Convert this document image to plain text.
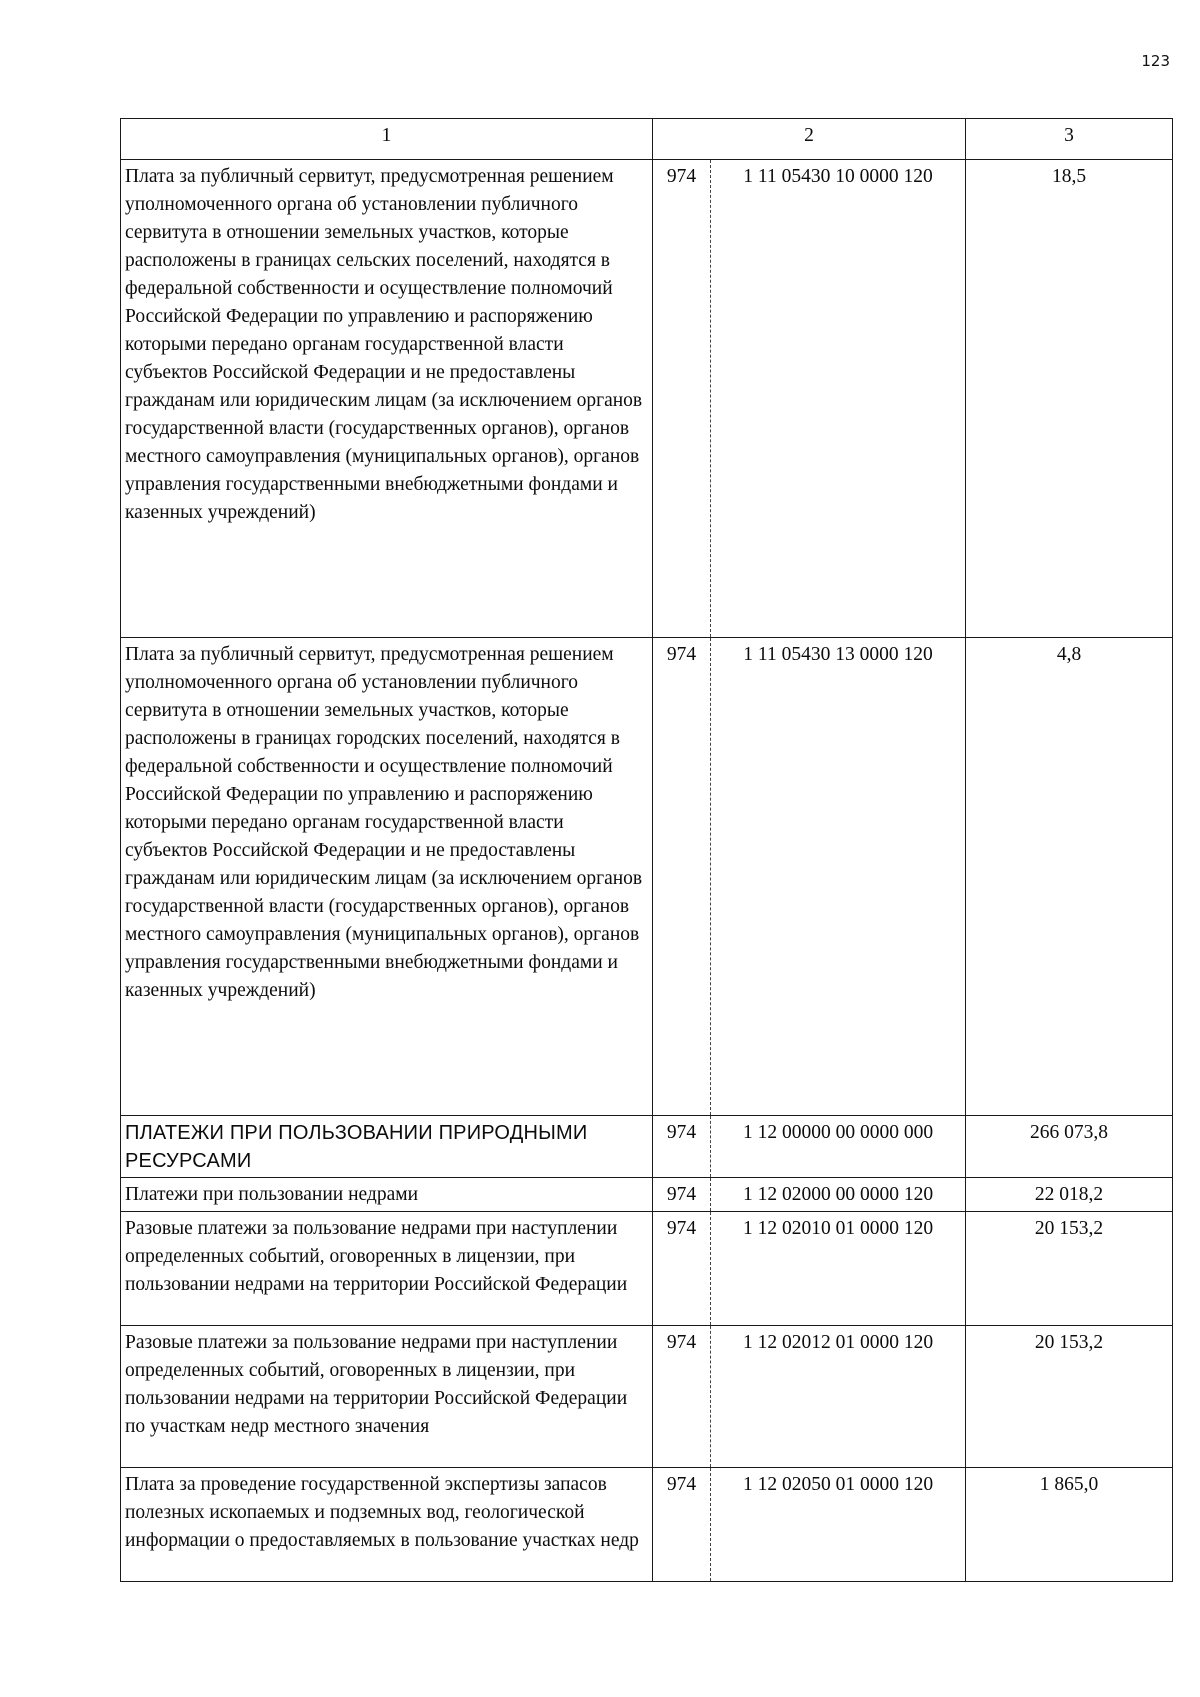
123
1	2		3
Плата за публичный сервитут, предусмотренная решением уполномоченного органа об установлении публичного сервитута в отношении земельных участков, которые расположены в границах сельских поселений, находятся в федеральной собственности и осуществление полномочий Российской Федерации по управлению и распоряжению которыми передано органам государственной власти субъектов Российской Федерации и не предоставлены гражданам или юридическим лицам (за исключением органов государственной власти (государственных органов), органов местного самоуправления (муниципальных органов), органов управления государственными внебюджетными фондами и казенных учреждений)	974	1 11 05430 10 0000 120	18,5
Плата за публичный сервитут, предусмотренная решением уполномоченного органа об установлении публичного сервитута в отношении земельных участков, которые расположены в границах городских поселений, находятся в федеральной собственности и осуществление полномочий Российской Федерации по управлению и распоряжению которыми передано органам государственной власти субъектов Российской Федерации и не предоставлены гражданам или юридическим лицам (за исключением органов государственной власти (государственных органов), органов местного самоуправления (муниципальных органов), органов управления государственными внебюджетными фондами и казенных учреждений)	974	1 11 05430 13 0000 120	4,8
ПЛАТЕЖИ ПРИ ПОЛЬЗОВАНИИ ПРИРОДНЫМИ РЕСУРСАМИ	974	1 12 00000 00 0000 000	266 073,8
Платежи при пользовании недрами	974	1 12 02000 00 0000 120	22 018,2
Разовые платежи за пользование недрами при наступлении определенных событий, оговоренных в лицензии, при пользовании недрами на территории Российской Федерации	974	1 12 02010 01 0000 120	20 153,2
Разовые платежи за пользование недрами при наступлении определенных событий, оговоренных в лицензии, при пользовании недрами на территории Российской Федерации по участкам недр местного значения	974	1 12 02012 01 0000 120	20 153,2
Плата за проведение государственной экспертизы запасов полезных ископаемых и подземных вод, геологической информации о предоставляемых в пользование участках недр	974	1 12 02050 01 0000 120	1 865,0
